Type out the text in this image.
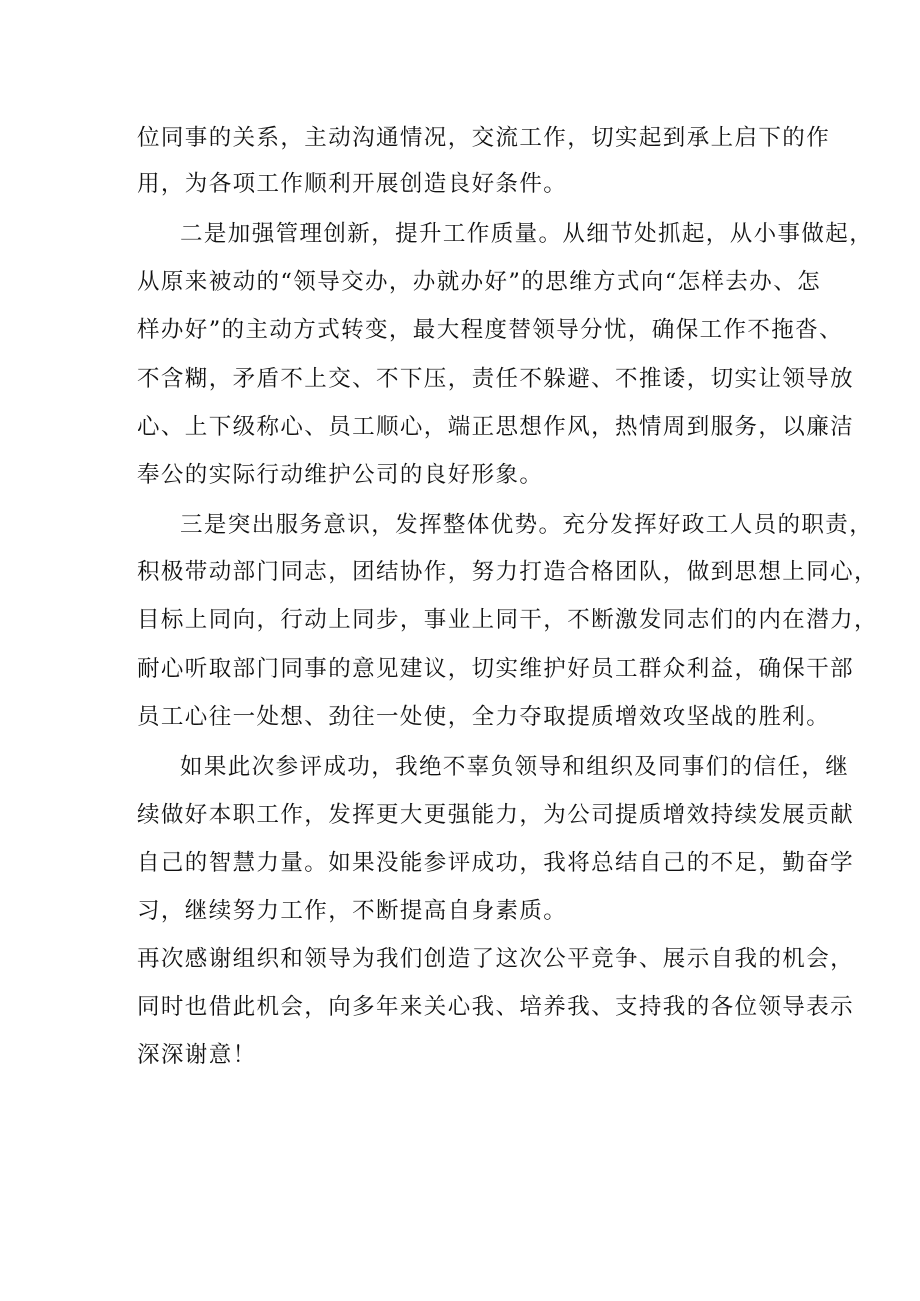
位同事的关系，主动沟通情况，交流工作，切实起到承上启下的作
用，为各项工作顺利开展创造良好条件。
二是加强管理创新，提升工作质量。从细节处抓起，从小事做起，
从原来被动的“领导交办，办就办好”的思维方式向“怎样去办、怎
样办好”的主动方式转变，最大程度替领导分忧，确保工作不拖沓、
不含糊，矛盾不上交、不下压，责任不躲避、不推诿，切实让领导放
心、上下级称心、员工顺心，端正思想作风，热情周到服务，以廉洁
奉公的实际行动维护公司的良好形象。
三是突出服务意识，发挥整体优势。充分发挥好政工人员的职责，
积极带动部门同志，团结协作，努力打造合格团队，做到思想上同心，
目标上同向，行动上同步，事业上同干，不断激发同志们的内在潜力，
耐心听取部门同事的意见建议，切实维护好员工群众利益，确保干部
员工心往一处想、劲往一处使，全力夺取提质增效攻坚战的胜利。
如果此次参评成功，我绝不辜负领导和组织及同事们的信任，继
续做好本职工作，发挥更大更强能力，为公司提质增效持续发展贡献
自己的智慧力量。如果没能参评成功，我将总结自己的不足，勤奋学
习，继续努力工作，不断提高自身素质。
再次感谢组织和领导为我们创造了这次公平竞争、展示自我的机会，
同时也借此机会，向多年来关心我、培养我、支持我的各位领导表示
深深谢意！
